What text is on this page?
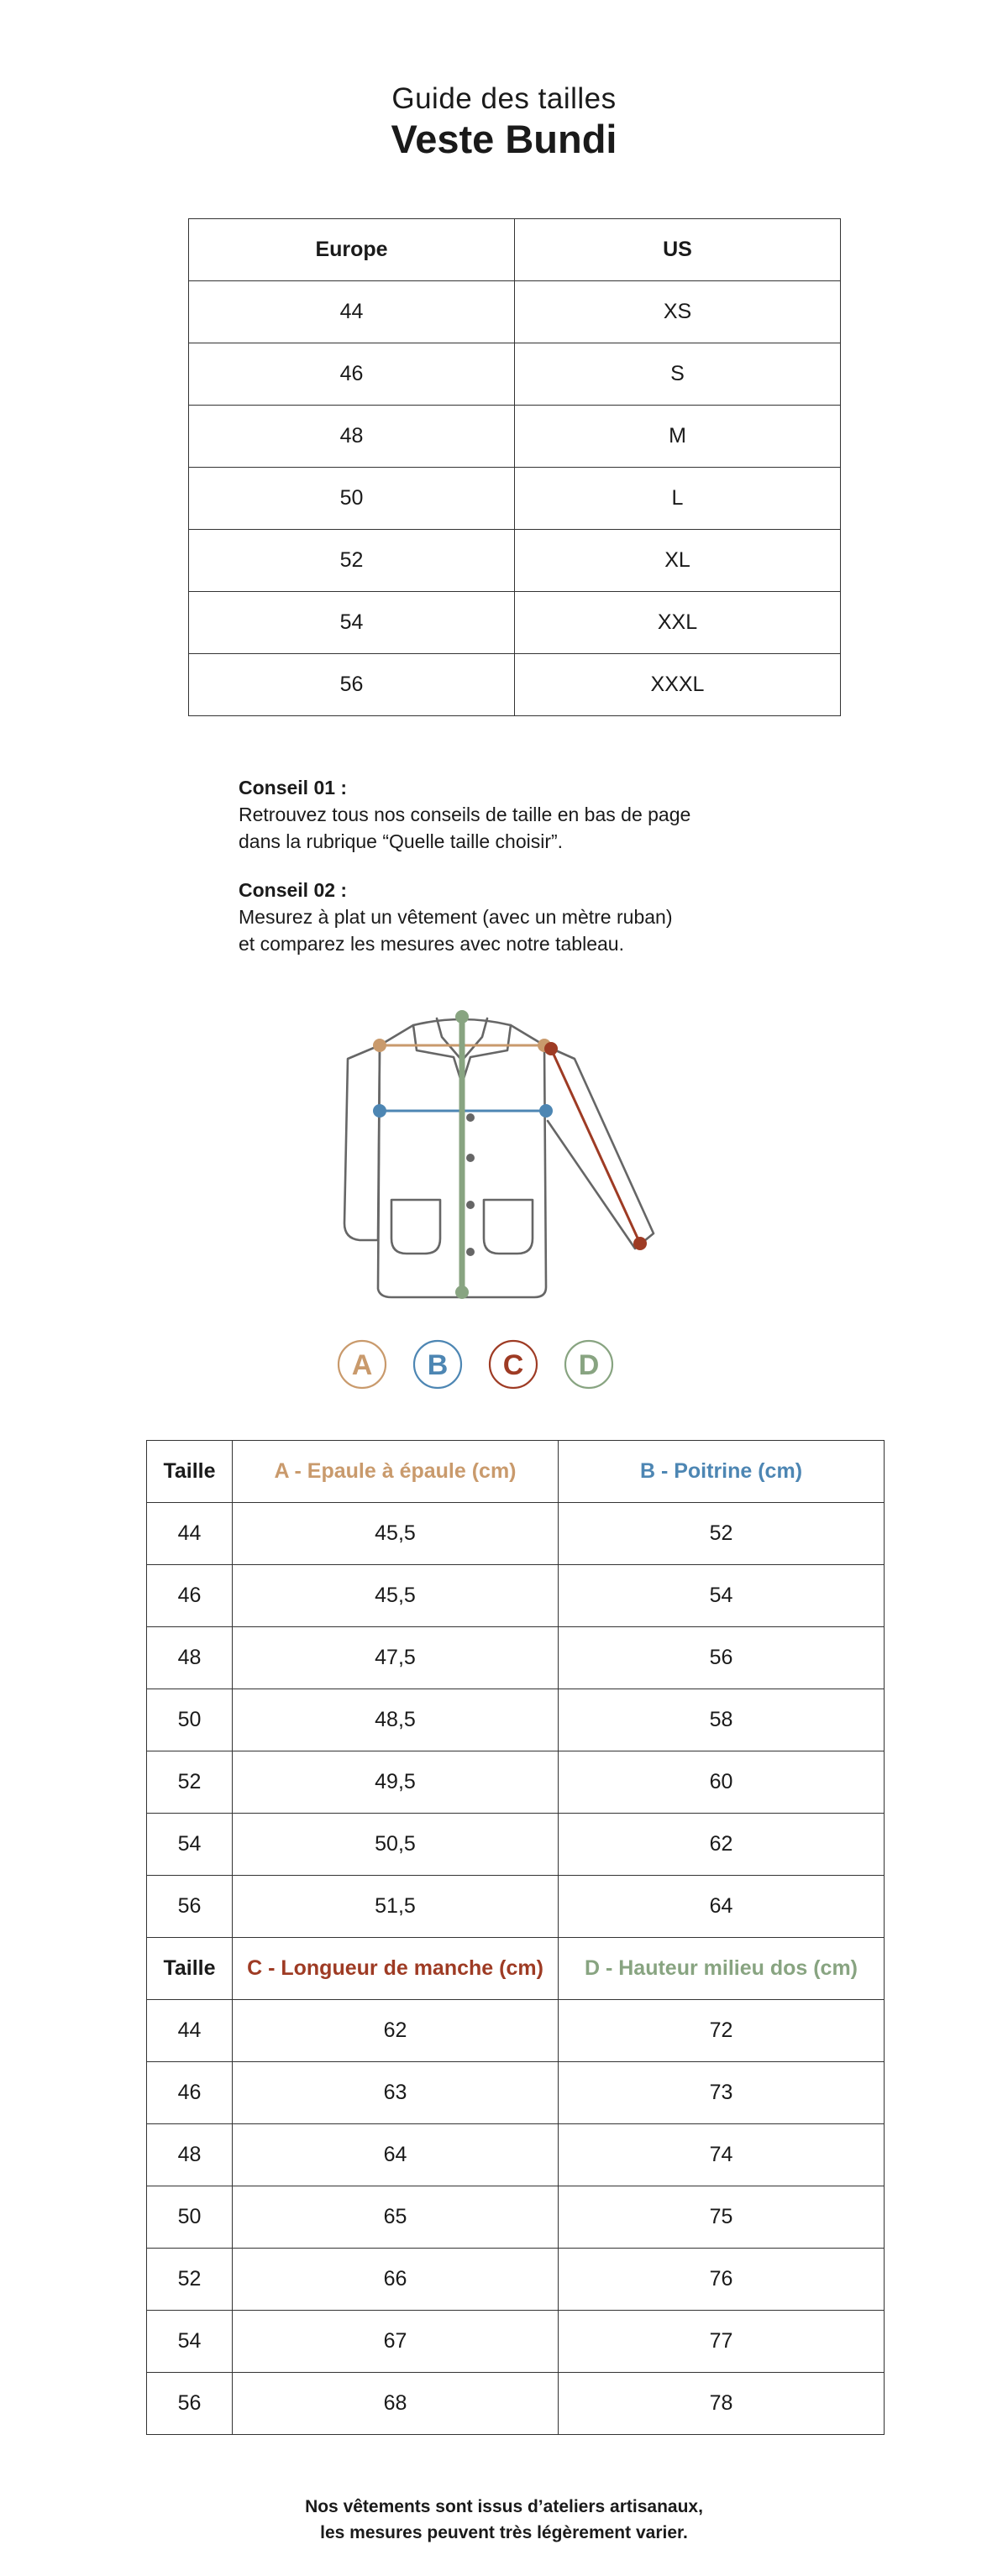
Guide des tailles
Veste Bundi
Europe	US
44	XS
46	S
48	M
50	L
52	XL
54	XXL
56	XXXL
Conseil 01 :
Retrouvez tous nos conseils de taille en bas de page
dans la rubrique “Quelle taille choisir”.
Conseil 02 :
Mesurez à plat un vêtement (avec un mètre ruban)
et comparez les mesures avec notre tableau.
A B C D
Taille	A - Epaule à épaule (cm)	B - Poitrine (cm)
44	45,5	52
46	45,5	54
48	47,5	56
50	48,5	58
52	49,5	60
54	50,5	62
56	51,5	64
Taille	C - Longueur de manche (cm)	D - Hauteur milieu dos (cm)
44	62	72
46	63	73
48	64	74
50	65	75
52	66	76
54	67	77
56	68	78
Nos vêtements sont issus d’ateliers artisanaux,
les mesures peuvent très légèrement varier.
